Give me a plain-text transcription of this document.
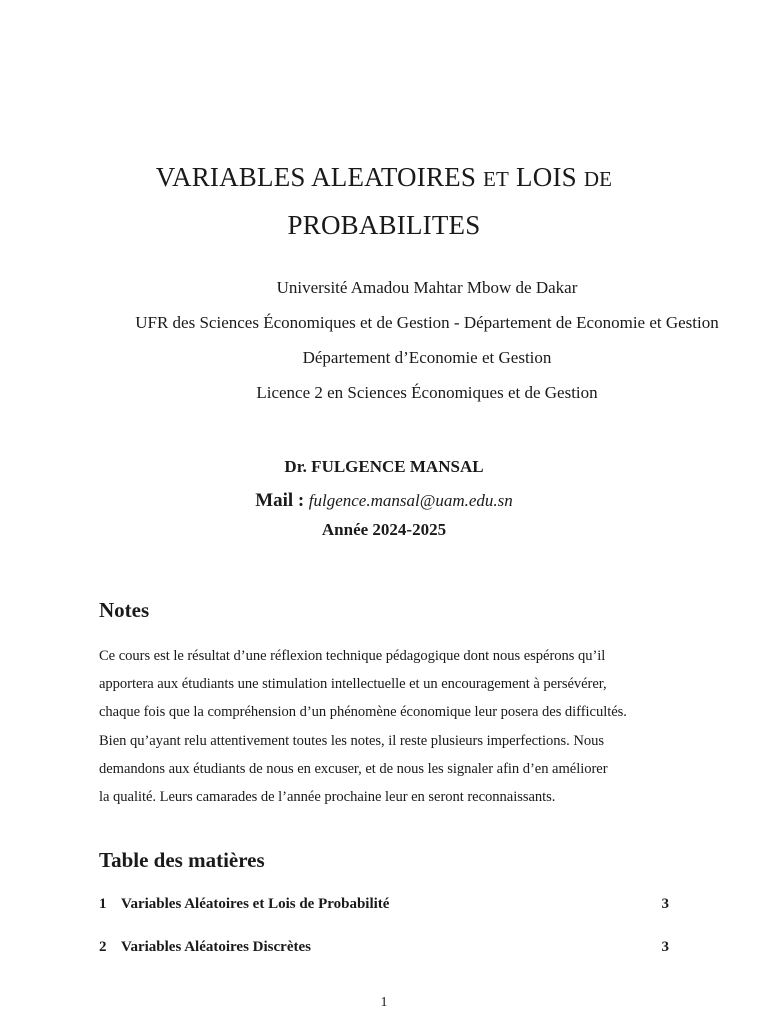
VARIABLES ALEATOIRES ET LOIS DE
PROBABILITES
Université Amadou Mahtar Mbow de Dakar
UFR des Sciences Économiques et de Gestion - Département de Economie et Gestion
Département d’Economie et Gestion
Licence 2 en Sciences Économiques et de Gestion
Dr. FULGENCE MANSAL
Mail : fulgence.mansal@uam.edu.sn
Année 2024-2025
Notes
Ce cours est le résultat d’une réflexion technique pédagogique dont nous espérons qu’il
apportera aux étudiants une stimulation intellectuelle et un encouragement à persévérer,
chaque fois que la compréhension d’un phénomène économique leur posera des difficultés.
Bien qu’ayant relu attentivement toutes les notes, il reste plusieurs imperfections. Nous
demandons aux étudiants de nous en excuser, et de nous les signaler afin d’en améliorer
la qualité. Leurs camarades de l’année prochaine leur en seront reconnaissants.
Table des matières
1 Variables Aléatoires et Lois de Probabilité	3
2 Variables Aléatoires Discrètes	3
1
